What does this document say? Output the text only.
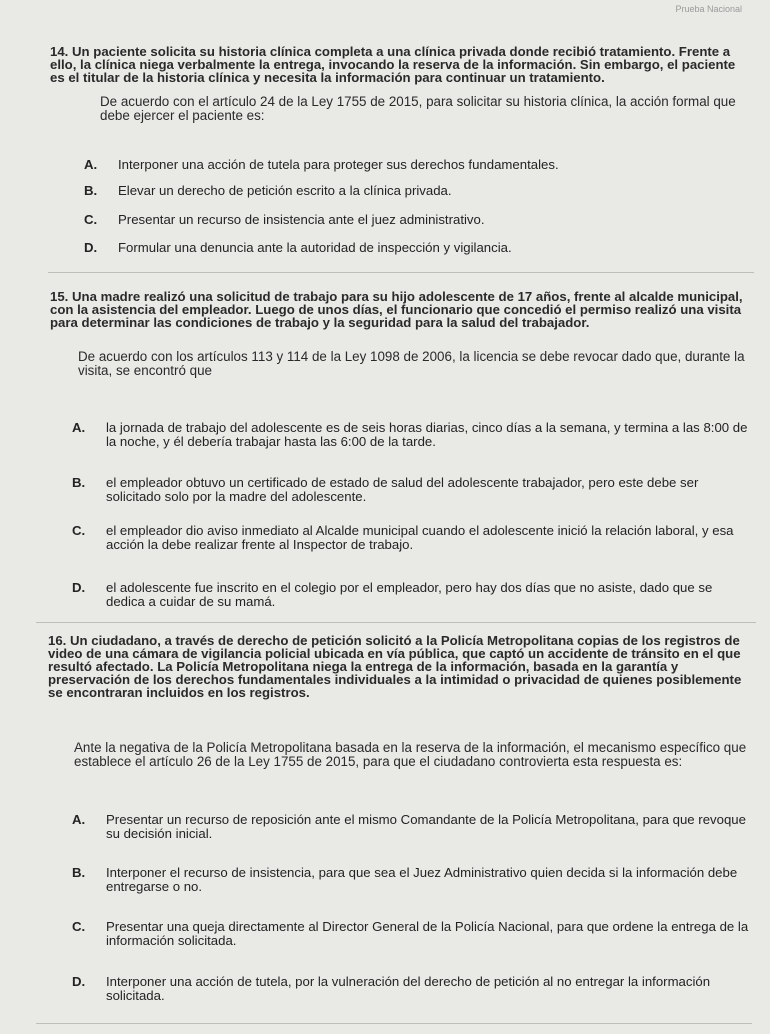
Prueba Nacional
14. Un paciente solicita su historia clínica completa a una clínica privada donde recibió tratamiento. Frente a ello, la clínica niega verbalmente la entrega, invocando la reserva de la información. Sin embargo, el paciente es el titular de la historia clínica y necesita la información para continuar un tratamiento.
De acuerdo con el artículo 24 de la Ley 1755 de 2015, para solicitar su historia clínica, la acción formal que debe ejercer el paciente es:
A. Interponer una acción de tutela para proteger sus derechos fundamentales.
B. Elevar un derecho de petición escrito a la clínica privada.
C. Presentar un recurso de insistencia ante el juez administrativo.
D. Formular una denuncia ante la autoridad de inspección y vigilancia.
15. Una madre realizó una solicitud de trabajo para su hijo adolescente de 17 años, frente al alcalde municipal, con la asistencia del empleador. Luego de unos días, el funcionario que concedió el permiso realizó una visita para determinar las condiciones de trabajo y la seguridad para la salud del trabajador.
De acuerdo con los artículos 113 y 114 de la Ley 1098 de 2006, la licencia se debe revocar dado que, durante la visita, se encontró que
A. la jornada de trabajo del adolescente es de seis horas diarias, cinco días a la semana, y termina a las 8:00 de la noche, y él debería trabajar hasta las 6:00 de la tarde.
B. el empleador obtuvo un certificado de estado de salud del adolescente trabajador, pero este debe ser solicitado solo por la madre del adolescente.
C. el empleador dio aviso inmediato al Alcalde municipal cuando el adolescente inició la relación laboral, y esa acción la debe realizar frente al Inspector de trabajo.
D. el adolescente fue inscrito en el colegio por el empleador, pero hay dos días que no asiste, dado que se dedica a cuidar de su mamá.
16. Un ciudadano, a través de derecho de petición solicitó a la Policía Metropolitana copias de los registros de video de una cámara de vigilancia policial ubicada en vía pública, que captó un accidente de tránsito en el que resultó afectado. La Policía Metropolitana niega la entrega de la información, basada en la garantía y preservación de los derechos fundamentales individuales a la intimidad o privacidad de quienes posiblemente se encontraran incluidos en los registros.
Ante la negativa de la Policía Metropolitana basada en la reserva de la información, el mecanismo específico que establece el artículo 26 de la Ley 1755 de 2015, para que el ciudadano controvierta esta respuesta es:
A. Presentar un recurso de reposición ante el mismo Comandante de la Policía Metropolitana, para que revoque su decisión inicial.
B. Interponer el recurso de insistencia, para que sea el Juez Administrativo quien decida si la información debe entregarse o no.
C. Presentar una queja directamente al Director General de la Policía Nacional, para que ordene la entrega de la información solicitada.
D. Interponer una acción de tutela, por la vulneración del derecho de petición al no entregar la información solicitada.
